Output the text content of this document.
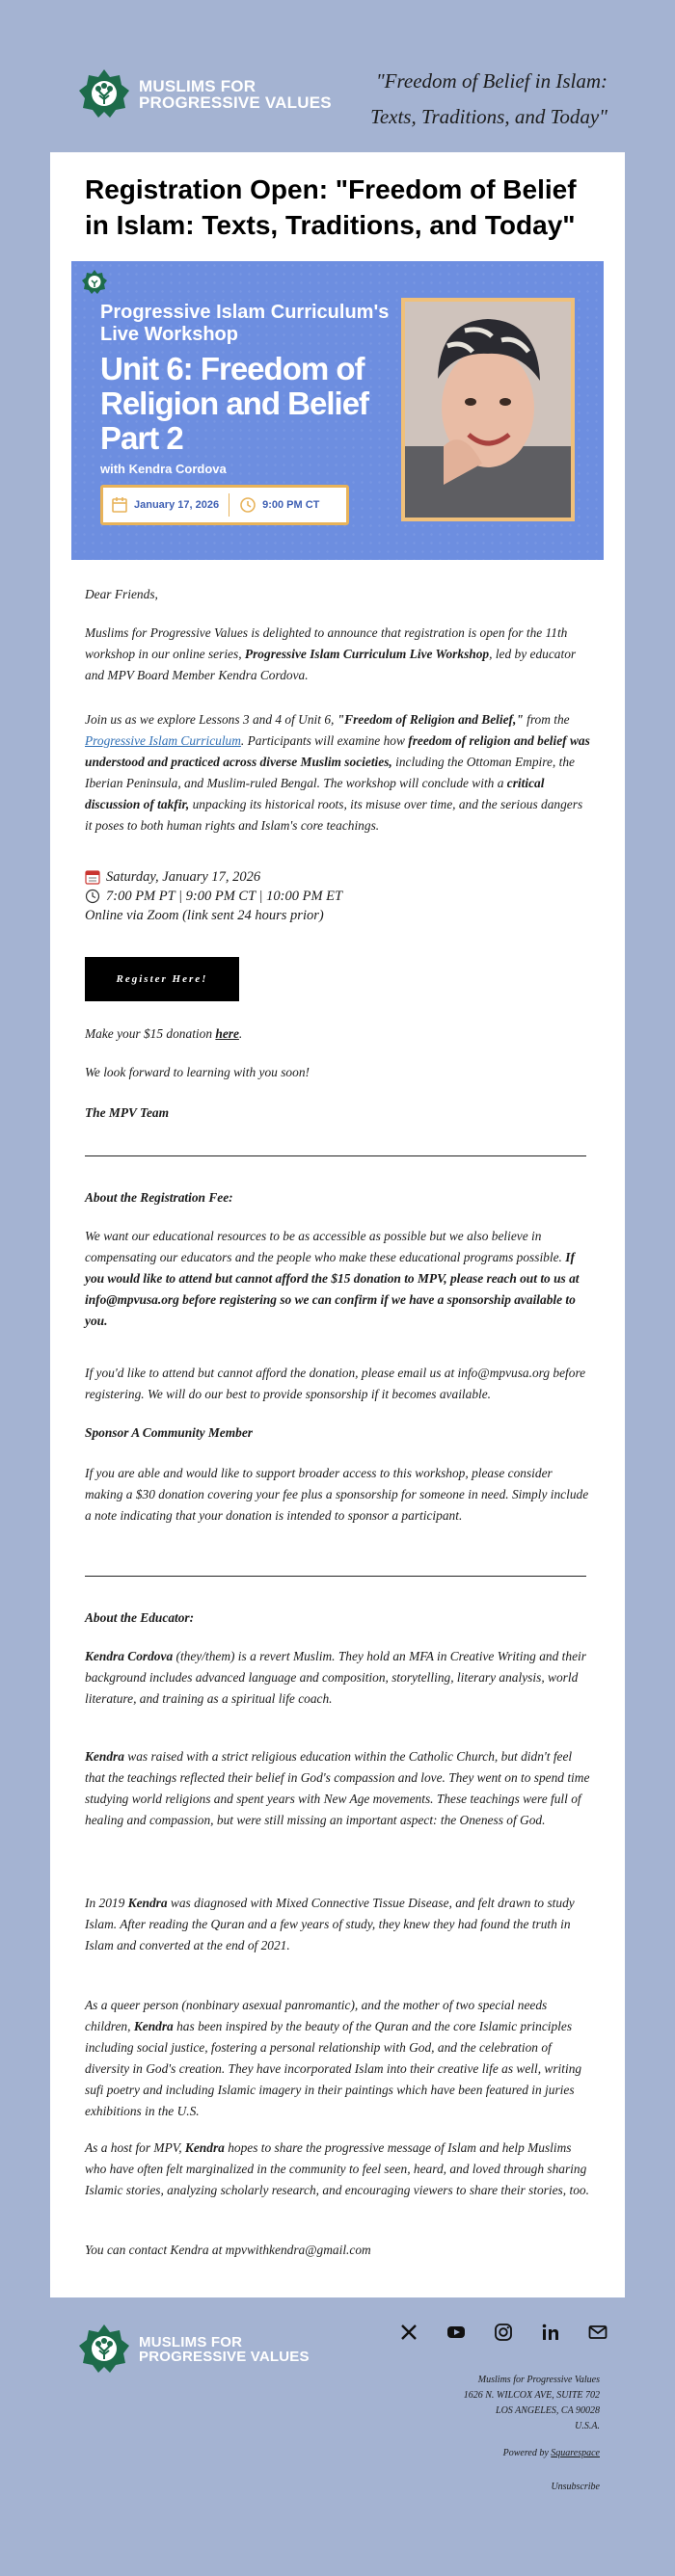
MUSLIMS FOR
PROGRESSIVE VALUES
"Freedom of Belief in Islam: Texts, Traditions, and Today"
Registration Open: "Freedom of Belief in Islam: Texts, Traditions, and Today"
Progressive Islam Curriculum's Live Workshop
Unit 6: Freedom of Religion and Belief Part 2
with Kendra Cordova
January 17, 2026	9:00 PM CT

Dear Friends,

Muslims for Progressive Values is delighted to announce that registration is open for the 11th workshop in our online series, Progressive Islam Curriculum Live Workshop, led by educator and MPV Board Member Kendra Cordova.

Join us as we explore Lessons 3 and 4 of Unit 6, "Freedom of Religion and Belief," from the Progressive Islam Curriculum. Participants will examine how freedom of religion and belief was understood and practiced across diverse Muslim societies, including the Ottoman Empire, the Iberian Peninsula, and Muslim-ruled Bengal. The workshop will conclude with a critical discussion of takfir, unpacking its historical roots, its misuse over time, and the serious dangers it poses to both human rights and Islam's core teachings.

Saturday, January 17, 2026
7:00 PM PT | 9:00 PM CT | 10:00 PM ET
Online via Zoom (link sent 24 hours prior)
Register Here!

Make your $15 donation here.

We look forward to learning with you soon!

The MPV Team

About the Registration Fee:

We want our educational resources to be as accessible as possible but we also believe in compensating our educators and the people who make these educational programs possible. If you would like to attend but cannot afford the $15 donation to MPV, please reach out to us at info@mpvusa.org before registering so we can confirm if we have a sponsorship available to you.

If you'd like to attend but cannot afford the donation, please email us at info@mpvusa.org before registering. We will do our best to provide sponsorship if it becomes available.

Sponsor A Community Member

If you are able and would like to support broader access to this workshop, please consider making a $30 donation covering your fee plus a sponsorship for someone in need. Simply include a note indicating that your donation is intended to sponsor a participant.

About the Educator:

Kendra Cordova (they/them) is a revert Muslim. They hold an MFA in Creative Writing and their background includes advanced language and composition, storytelling, literary analysis, world literature, and training as a spiritual life coach.

Kendra was raised with a strict religious education within the Catholic Church, but didn't feel that the teachings reflected their belief in God's compassion and love. They went on to spend time studying world religions and spent years with New Age movements. These teachings were full of healing and compassion, but were still missing an important aspect: the Oneness of God.

In 2019 Kendra was diagnosed with Mixed Connective Tissue Disease, and felt drawn to study Islam. After reading the Quran and a few years of study, they knew they had found the truth in Islam and converted at the end of 2021.

As a queer person (nonbinary asexual panromantic), and the mother of two special needs children, Kendra has been inspired by the beauty of the Quran and the core Islamic principles including social justice, fostering a personal relationship with God, and the celebration of diversity in God's creation. They have incorporated Islam into their creative life as well, writing sufi poetry and including Islamic imagery in their paintings which have been featured in juries exhibitions in the U.S.

As a host for MPV, Kendra hopes to share the progressive message of Islam and help Muslims who have often felt marginalized in the community to feel seen, heard, and loved through sharing Islamic stories, analyzing scholarly research, and encouraging viewers to share their stories, too.

You can contact Kendra at mpvwithkendra@gmail.com

MUSLIMS FOR
PROGRESSIVE VALUES
Muslims for Progressive Values
1626 N. WILCOX AVE, SUITE 702
LOS ANGELES, CA 90028
U.S.A.
Powered by Squarespace
Unsubscribe
